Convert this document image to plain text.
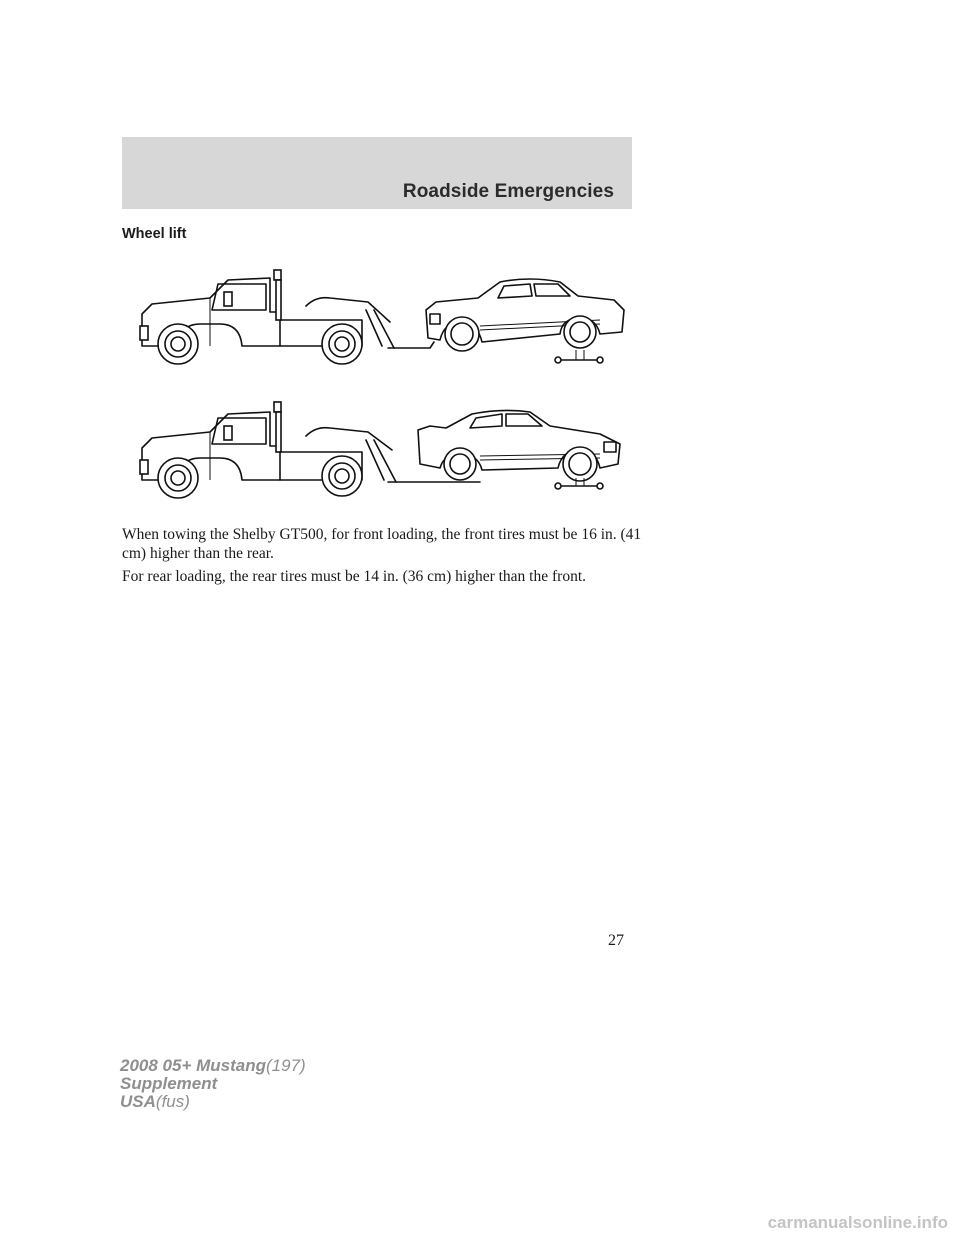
Roadside Emergencies
Wheel lift

When towing the Shelby GT500, for front loading, the front tires must be 16 in. (41 cm) higher than the rear.

For rear loading, the rear tires must be 14 in. (36 cm) higher than the front.

27
2008 05+ Mustang(197)
Supplement
USA(fus)
carmanualsonline.info
